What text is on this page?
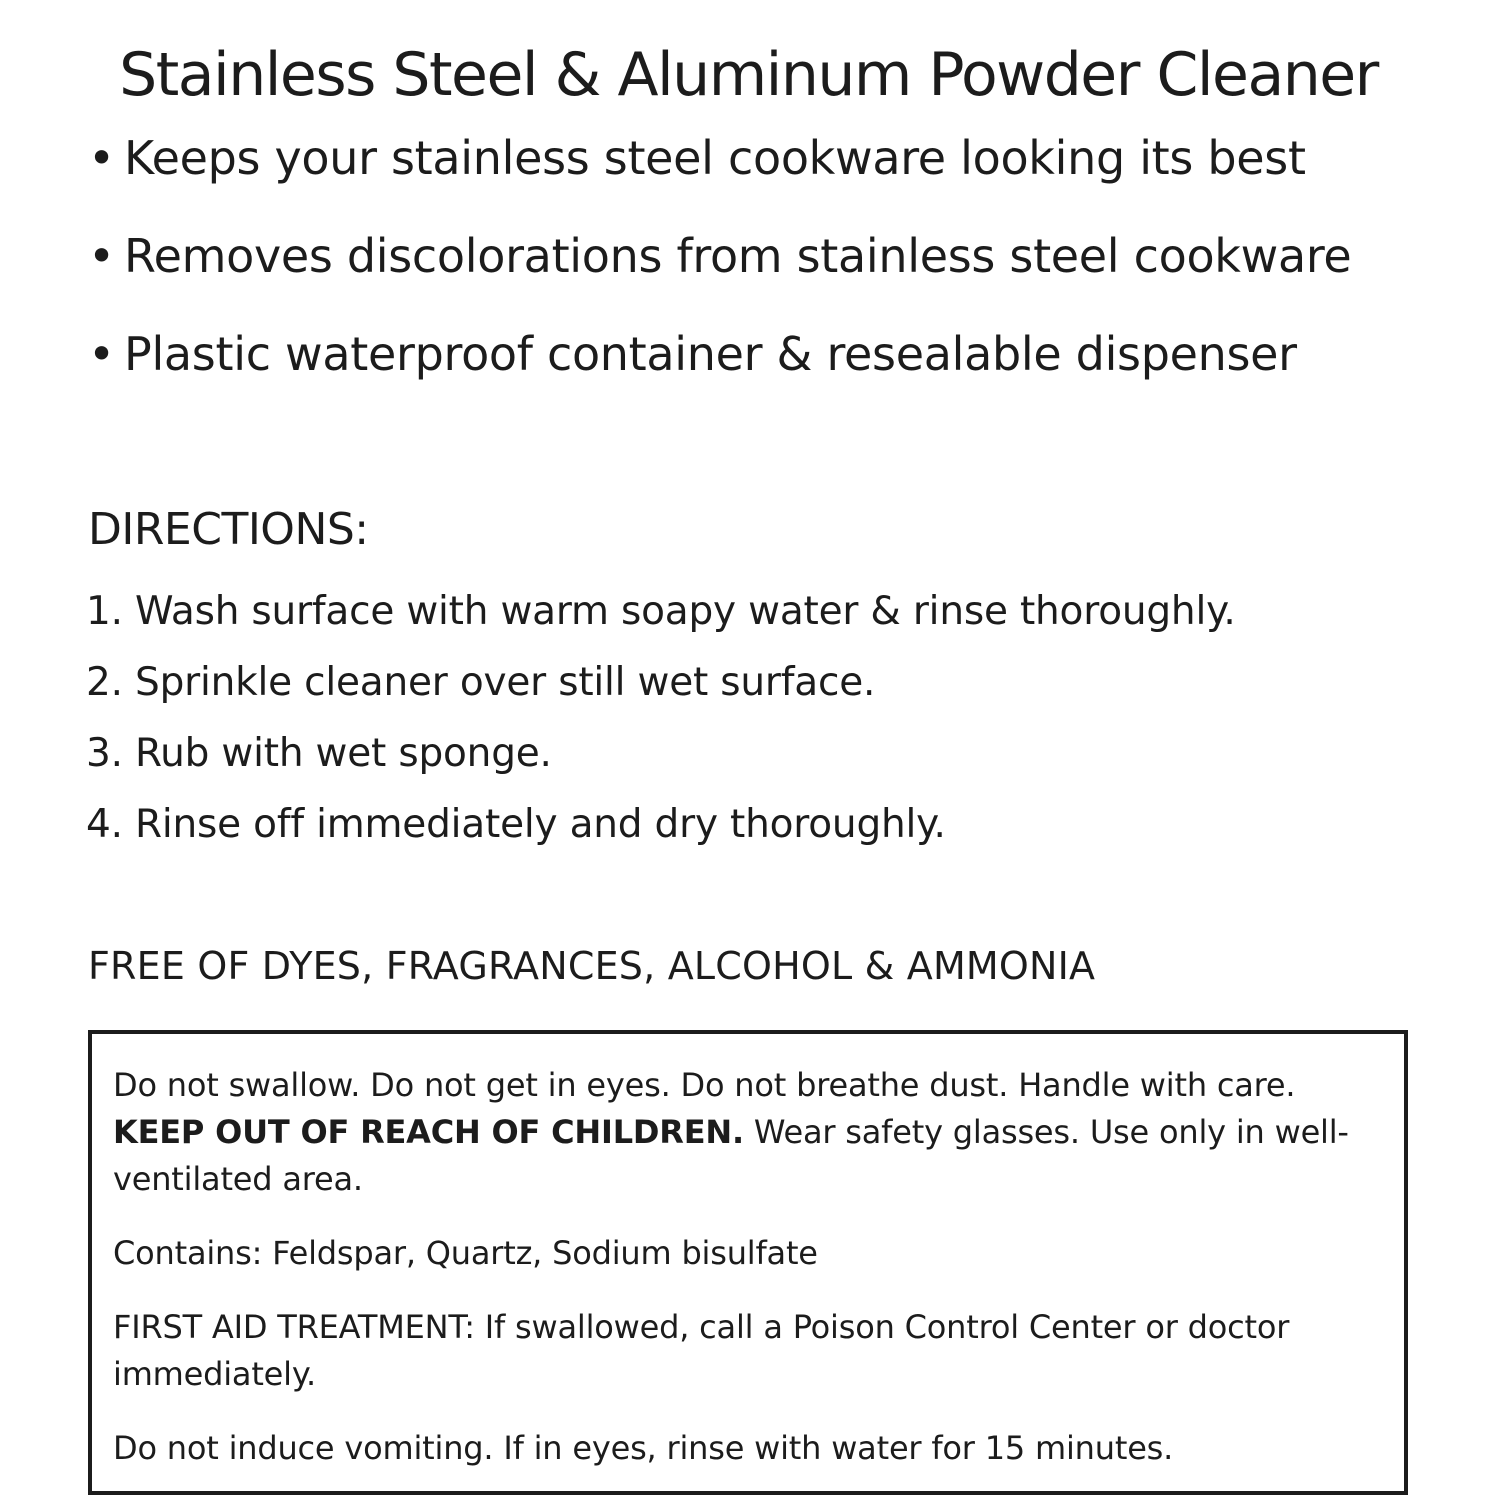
Stainless Steel & Aluminum Powder Cleaner
• Keeps your stainless steel cookware looking its best
• Removes discolorations from stainless steel cookware
• Plastic waterproof container & resealable dispenser
DIRECTIONS:
1. Wash surface with warm soapy water & rinse thoroughly.
2. Sprinkle cleaner over still wet surface.
3. Rub with wet sponge.
4. Rinse off immediately and dry thoroughly.
FREE OF DYES, FRAGRANCES, ALCOHOL & AMMONIA

Do not swallow. Do not get in eyes. Do not breathe dust. Handle with care. KEEP OUT OF REACH OF CHILDREN. Wear safety glasses. Use only in well-ventilated area.

Contains: Feldspar, Quartz, Sodium bisulfate

FIRST AID TREATMENT: If swallowed, call a Poison Control Center or doctor immediately.

Do not induce vomiting. If in eyes, rinse with water for 15 minutes.
